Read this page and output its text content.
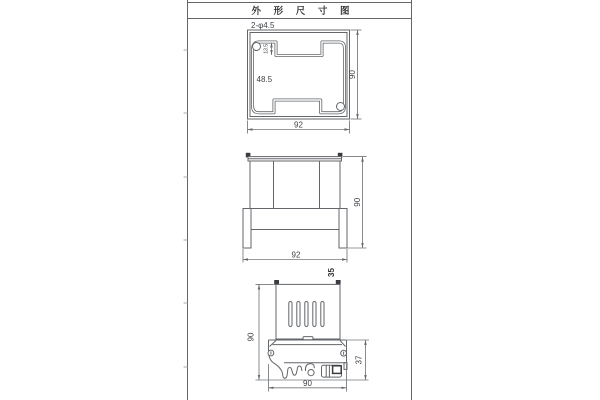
外 形 尺 寸 图
2-φ4.5
13.5
48.5
92
90
92
90
35
90
37
90
